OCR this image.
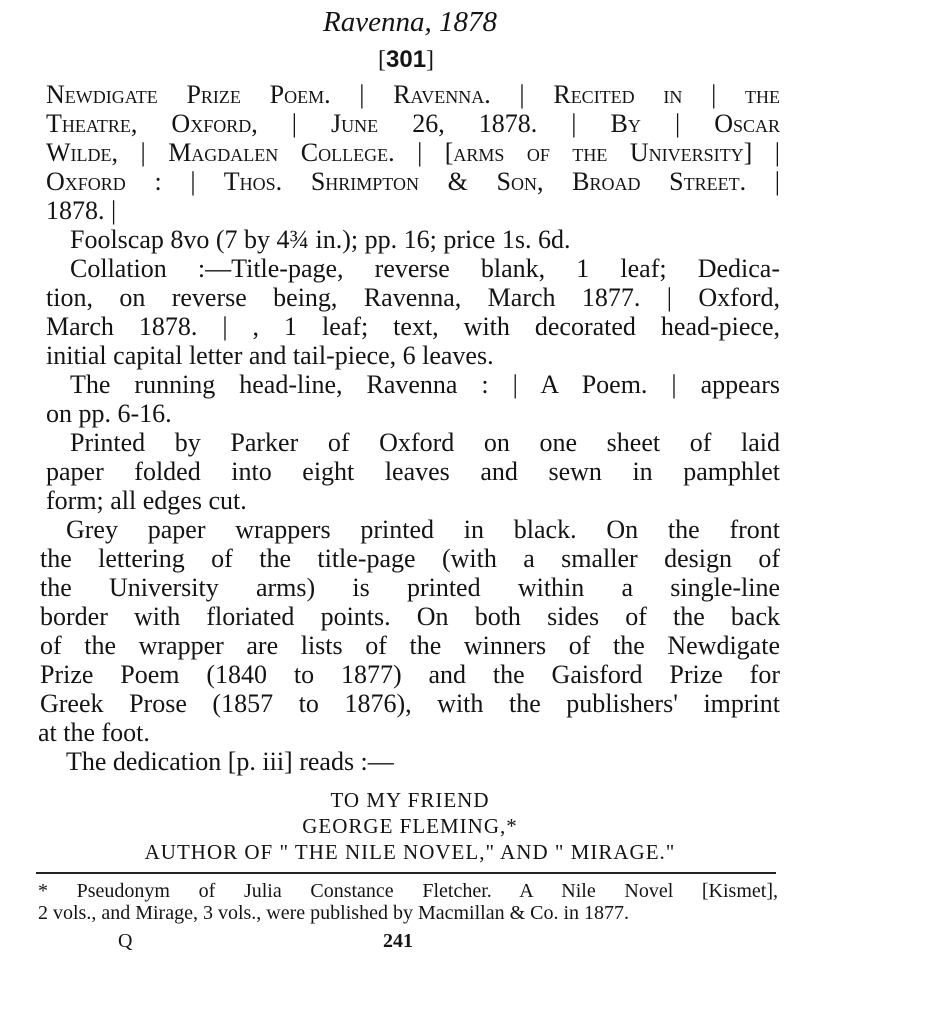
Ravenna, 1878
[301]
Newdigate Prize Poem. | Ravenna. | Recited in | the
Theatre, Oxford, | June 26, 1878. | By | Oscar
Wilde, | Magdalen College. | [arms of the University] |
Oxford : | Thos. Shrimpton & Son, Broad Street. |
1878. |
Foolscap 8vo (7 by 4¾ in.); pp. 16; price 1s. 6d.
Collation :—Title-page, reverse blank, 1 leaf; Dedica-
tion, on reverse being, Ravenna, March 1877. | Oxford,
March 1878. | , 1 leaf; text, with decorated head-piece,
initial capital letter and tail-piece, 6 leaves.
The running head-line, Ravenna : | A Poem. | appears
on pp. 6-16.
Printed by Parker of Oxford on one sheet of laid
paper folded into eight leaves and sewn in pamphlet
form; all edges cut.
Grey paper wrappers printed in black. On the front
the lettering of the title-page (with a smaller design of
the University arms) is printed within a single-line
border with floriated points. On both sides of the back
of the wrapper are lists of the winners of the Newdigate
Prize Poem (1840 to 1877) and the Gaisford Prize for
Greek Prose (1857 to 1876), with the publishers' imprint
at the foot.
The dedication [p. iii] reads :—
TO MY FRIEND
GEORGE FLEMING,*
AUTHOR OF " THE NILE NOVEL," AND " MIRAGE."
* Pseudonym of Julia Constance Fletcher. A Nile Novel [Kismet],
2 vols., and Mirage, 3 vols., were published by Macmillan & Co. in 1877.
Q	241
